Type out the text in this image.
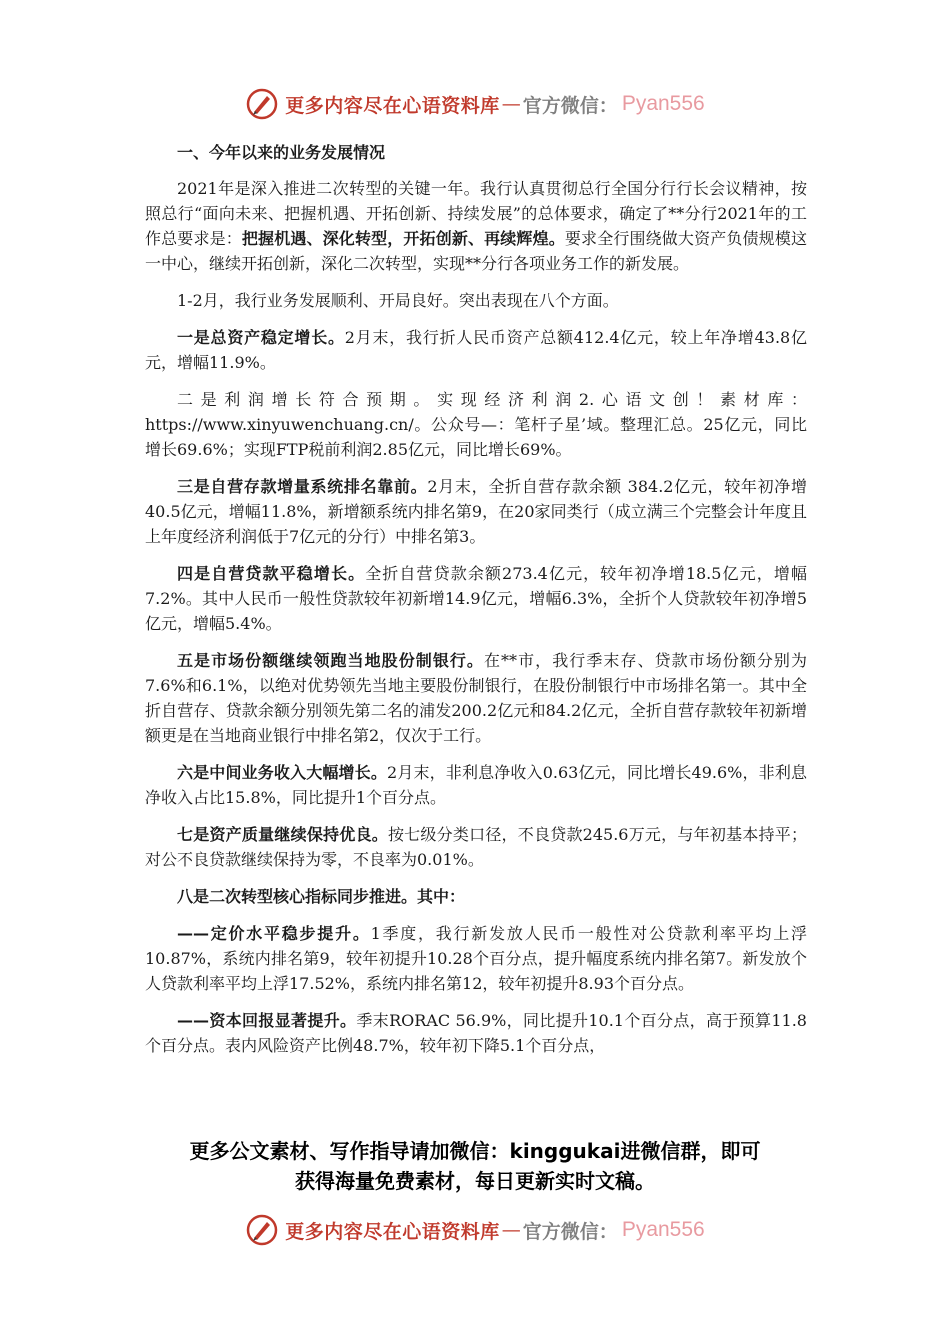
更多内容尽在心语资料库 — 官方微信： Pyan556
一、今年以来的业务发展情况

2021年是深入推进二次转型的关键一年。我行认真贯彻总行全国分行行长会议精神，按照总行“面向未来、把握机遇、开拓创新、持续发展”的总体要求，确定了**分行2021年的工作总要求是：把握机遇、深化转型，开拓创新、再续辉煌。要求全行围绕做大资产负债规模这一中心，继续开拓创新，深化二次转型，实现**分行各项业务工作的新发展。

1-2月，我行业务发展顺利、开局良好。突出表现在八个方面。

一是总资产稳定增长。2月末，我行折人民币资产总额412.4亿元，较上年净增43.8亿元，增幅11.9%。

二是利润增长符合预期。实现经济利润2.心语文创！素材库：https://www.xinyuwenchuang.cn/。公众号—：笔杆子星’域。整理汇总。25亿元，同比增长69.6%；实现FTP税前利润2.85亿元，同比增长69%。

三是自营存款增量系统排名靠前。2月末，全折自营存款余额 384.2亿元，较年初净增40.5亿元，增幅11.8%，新增额系统内排名第9，在20家同类行（成立满三个完整会计年度且上年度经济利润低于7亿元的分行）中排名第3。

四是自营贷款平稳增长。全折自营贷款余额273.4亿元，较年初净增18.5亿元，增幅7.2%。其中人民币一般性贷款较年初新增14.9亿元，增幅6.3%，全折个人贷款较年初净增5亿元，增幅5.4%。

五是市场份额继续领跑当地股份制银行。在**市，我行季末存、贷款市场份额分别为7.6%和6.1%，以绝对优势领先当地主要股份制银行，在股份制银行中市场排名第一。其中全折自营存、贷款余额分别领先第二名的浦发200.2亿元和84.2亿元，全折自营存款较年初新增额更是在当地商业银行中排名第2，仅次于工行。

六是中间业务收入大幅增长。2月末，非利息净收入0.63亿元，同比增长49.6%，非利息净收入占比15.8%，同比提升1个百分点。

七是资产质量继续保持优良。按七级分类口径，不良贷款245.6万元，与年初基本持平；对公不良贷款继续保持为零，不良率为0.01%。

八是二次转型核心指标同步推进。其中：

——定价水平稳步提升。1季度，我行新发放人民币一般性对公贷款利率平均上浮10.87%，系统内排名第9，较年初提升10.28个百分点，提升幅度系统内排名第7。新发放个人贷款利率平均上浮17.52%，系统内排名第12，较年初提升8.93个百分点。

——资本回报显著提升。季末RORAC 56.9%，同比提升10.1个百分点，高于预算11.8个百分点。表内风险资产比例48.7%，较年初下降5.1个百分点，

更多公文素材、写作指导请加微信：kinggukai进微信群，即可
获得海量免费素材，每日更新实时文稿。
更多内容尽在心语资料库 — 官方微信： Pyan556
